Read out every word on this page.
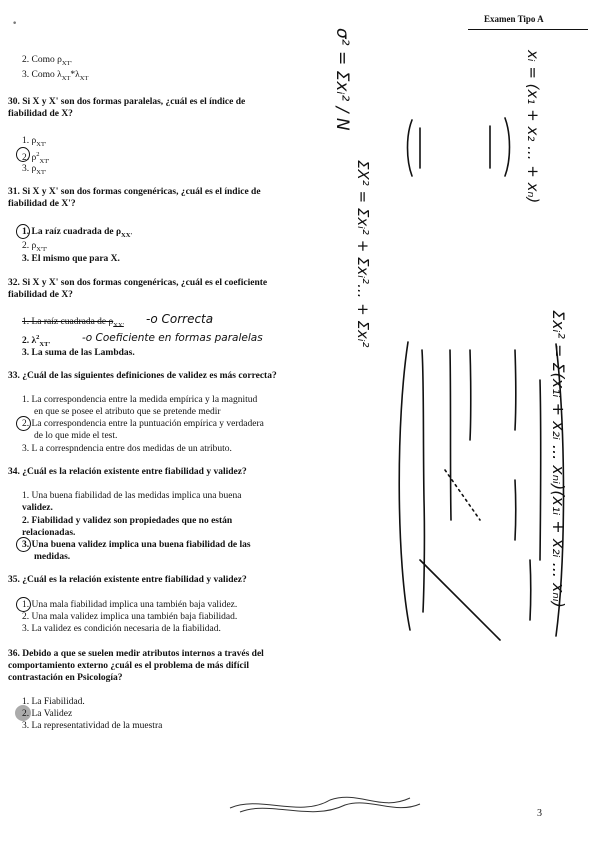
Examen Tipo A
2. Como $\rho_{XT'}$
3. Como $\lambda_{XT}*\lambda_{XT}$
30. Si X y X' son dos formas paralelas, ¿cuál es el índice de
fiabilidad de X?
1. $\rho_{XT'}$
2. $\rho^2_{XT'}$
3. $\rho_{XT'}$
31. Si X y X' son dos formas congenéricas, ¿cuál es el índice de
fiabilidad de X'?
1. La raíz cuadrada de $\rho_{XX'}$
2. $\rho_{X'T'}$
3. El mismo que para X.
32. Si X y X' son dos formas congenéricas, ¿cuál es el coeficiente
fiabilidad de X?
1. La raíz cuadrada de $\rho_{XX'}$
2. $\lambda^2_{XT'}$
3. La suma de las Lambdas.
-o Correcta
-o Coeficiente en formas paralelas
33. ¿Cuál de las siguientes definiciones de validez es más correcta?
1. La correspondencia entre la medida empírica y la magnitud
en que se posee el atributo que se pretende medir
2. La correspondencia entre la puntuación empírica y verdadera
de lo que mide el test.
3. L a correspndencia entre dos medidas de un atributo.
34. ¿Cuál es la relación existente entre fiabilidad y validez?
1. Una buena fiabilidad de las medidas implica una buena
validez.
2. Fiabilidad y validez son propiedades que no están
relacionadas.
3. Una buena validez implica una buena fiabilidad de las
medidas.
35. ¿Cuál es la relación existente entre fiabilidad y validez?
1. Una mala fiabilidad implica una también baja validez.
2. Una mala validez implica una también baja fiabilidad.
3. La validez es condición necesaria de la fiabilidad.
36. Debido a que se suelen medir atributos internos a través del
comportamiento externo ¿cuál es el problema de más difícil
contrastación en Psicología?
1. La Fiabilidad.
2. La Validez
3. La representatividad de la muestra
σ² = Σxᵢ² / N
ΣX² = Σxᵢ² + Σxᵢ²... + Σxᵢ²
xᵢ = (x₁ + x₂ ... + xₙ)
Σxᵢ² = Σ(x₁ᵢ + x₂ᵢ ... xₙᵢ)(x₁ᵢ + x₂ᵢ ... xₙᵢ)
•
3
